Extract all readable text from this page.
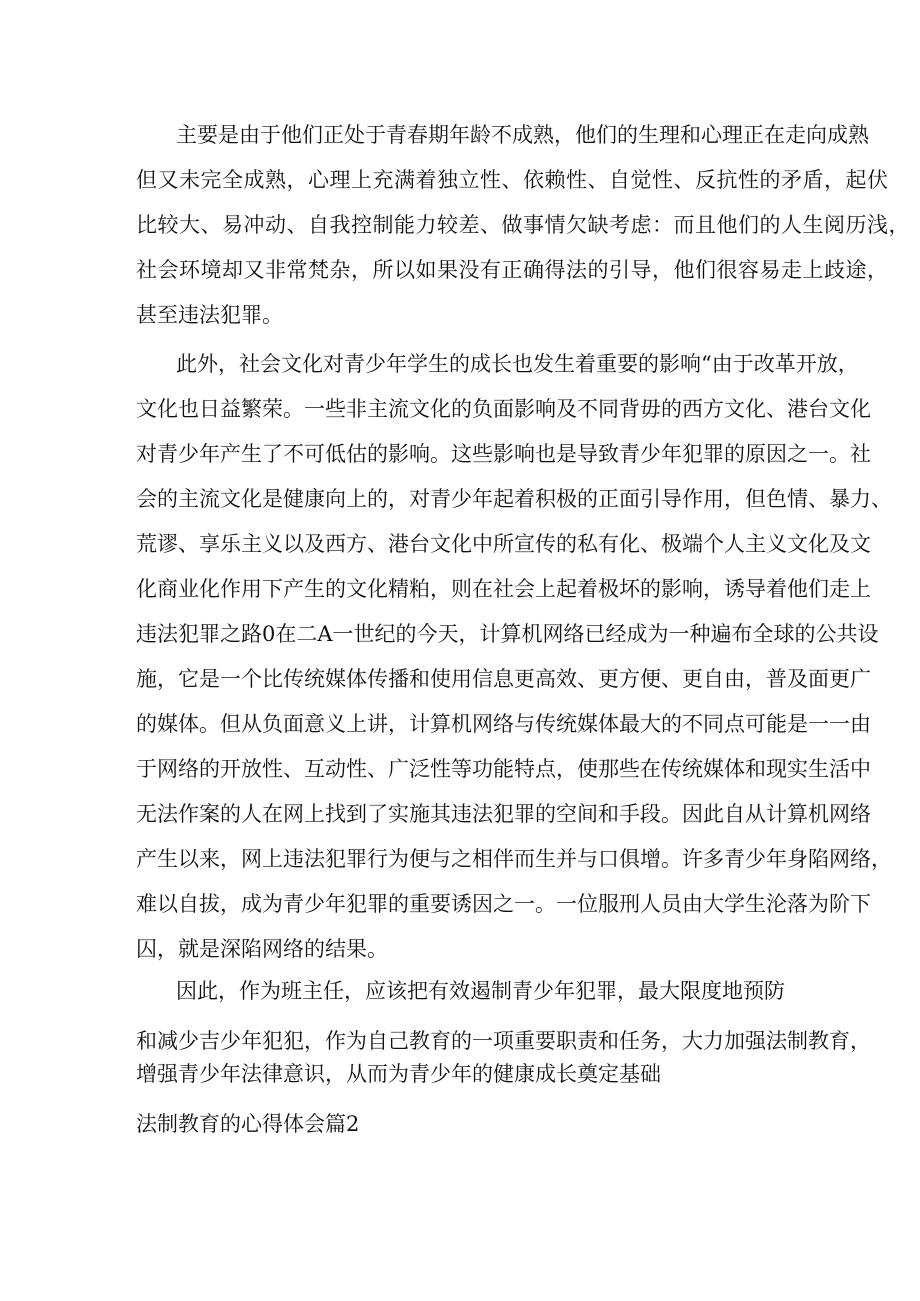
主要是由于他们正处于青春期年龄不成熟，他们的生理和心理正在走向成熟
但又未完全成熟，心理上充满着独立性、依赖性、自觉性、反抗性的矛盾，起伏
比较大、易冲动、自我控制能力较差、做事情欠缺考虑：而且他们的人生阅历浅，
社会环境却又非常梵杂，所以如果没有正确得法的引导，他们很容易走上歧途，
甚至违法犯罪。
此外，社会文化对青少年学生的成长也发生着重要的影响“由于改革开放，
文化也日益繁荣。一些非主流文化的负面影响及不同背毋的西方文化、港台文化
对青少年产生了不可低估的影响。这些影响也是导致青少年犯罪的原因之一。社
会的主流文化是健康向上的，对青少年起着积极的正面引导作用，但色情、暴力、
荒谬、享乐主义以及西方、港台文化中所宣传的私有化、极端个人主义文化及文
化商业化作用下产生的文化精粕，则在社会上起着极坏的影响，诱导着他们走上
违法犯罪之路0在二A一世纪的今天，计算机网络已经成为一种遍布全球的公共设
施，它是一个比传统媒体传播和使用信息更高效、更方便、更自由，普及面更广
的媒体。但从负面意义上讲，计算机网络与传统媒体最大的不同点可能是一一由
于网络的开放性、互动性、广泛性等功能特点，使那些在传统媒体和现实生活中
无法作案的人在网上找到了实施其违法犯罪的空间和手段。因此自从计算机网络
产生以来，网上违法犯罪行为便与之相伴而生并与口俱增。许多青少年身陷网络，
难以自拔，成为青少年犯罪的重要诱因之一。一位服刑人员由大学生沦落为阶下
囚，就是深陷网络的结果。
因此，作为班主任，应该把有效遏制青少年犯罪，最大限度地预防
和减少吉少年犯犯，作为自己教育的一项重要职责和任务，大力加强法制教育，
增强青少年法律意识，从而为青少年的健康成长奠定基础
法制教育的心得体会篇2
